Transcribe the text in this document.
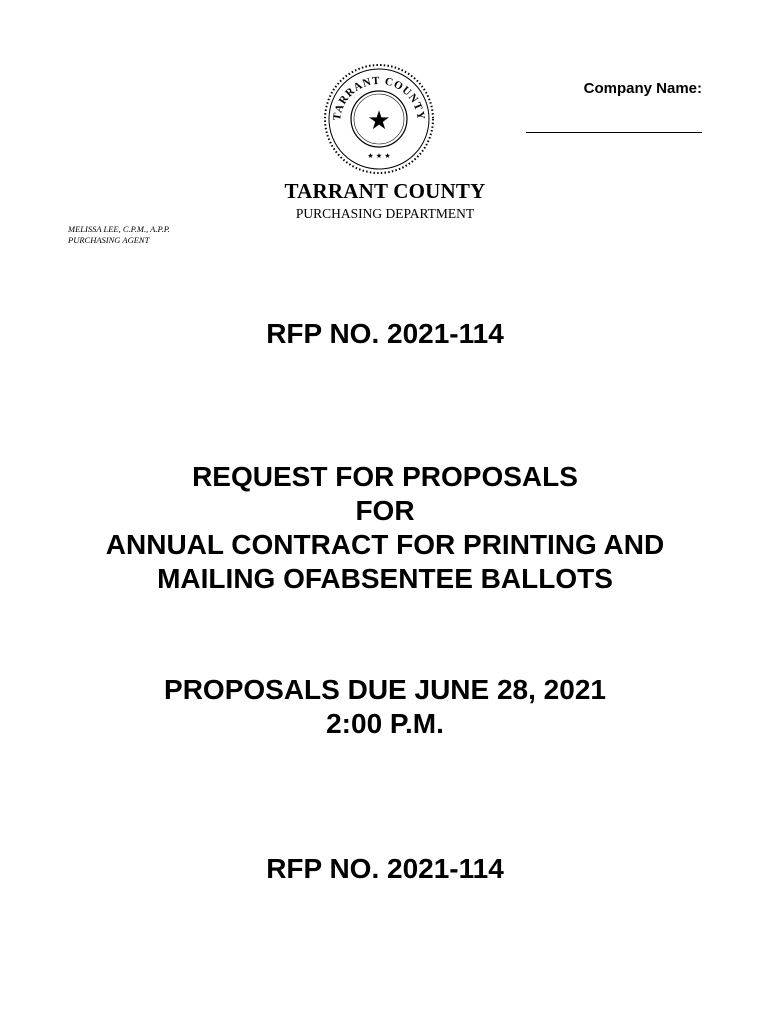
TARRANT COUNTY
★
★ ★ ★
Company Name:
TARRANT COUNTY
PURCHASING DEPARTMENT
MELISSA LEE, C.P.M., A.P.P.
PURCHASING AGENT
RFP NO. 2021-114
REQUEST FOR PROPOSALS
FOR
ANNUAL CONTRACT FOR PRINTING AND
MAILING OFABSENTEE BALLOTS
PROPOSALS DUE JUNE 28, 2021
2:00 P.M.
RFP NO. 2021-114
